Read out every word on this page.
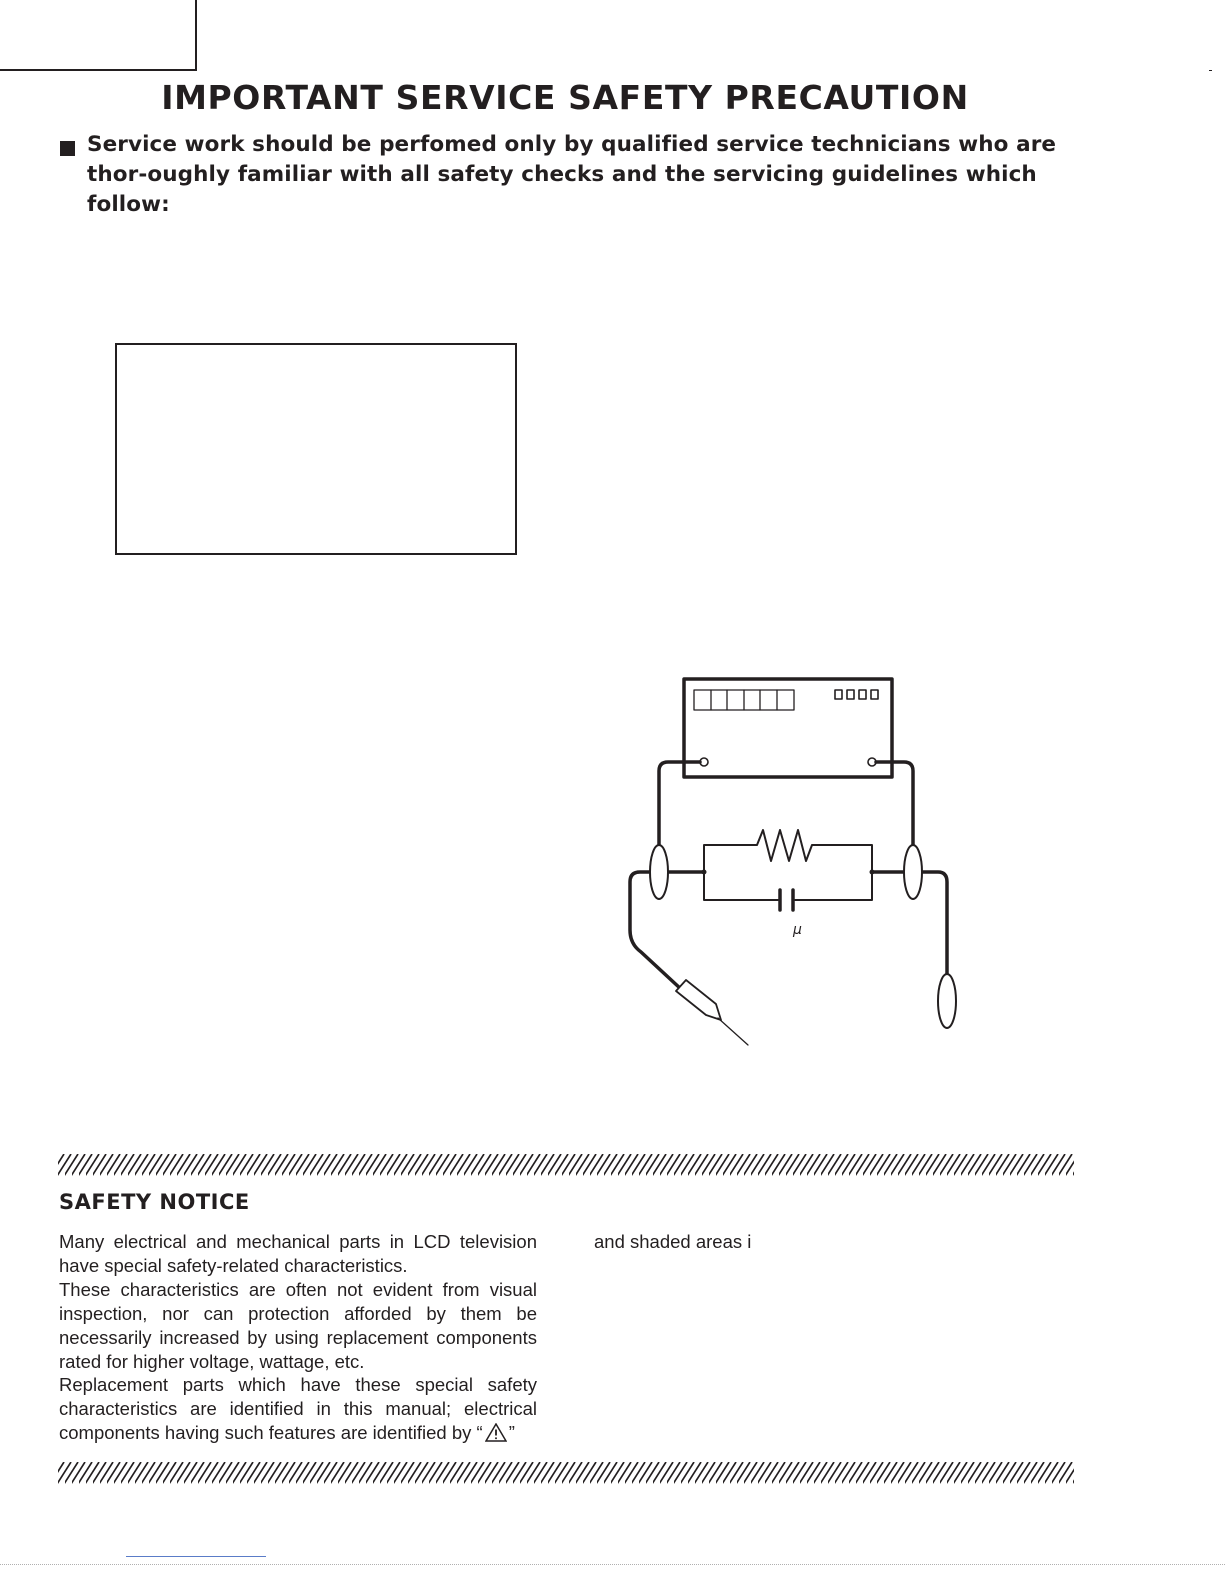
IMPORTANT SERVICE SAFETY PRECAUTION

Service work should be perfomed only by qualified service technicians who are thor-oughly familiar with all safety checks and the servicing guidelines which follow:

μ
SAFETY NOTICE

Many electrical and mechanical parts in LCD television have special safety-related characteristics.

These characteristics are often not evident from visual inspection, nor can protection afforded by them be necessarily increased by using replacement components rated for higher voltage, wattage, etc.

Replacement parts which have these special safety characteristics are identified in this manual; electrical components having such features are identified by “ ”

and shaded areas i
